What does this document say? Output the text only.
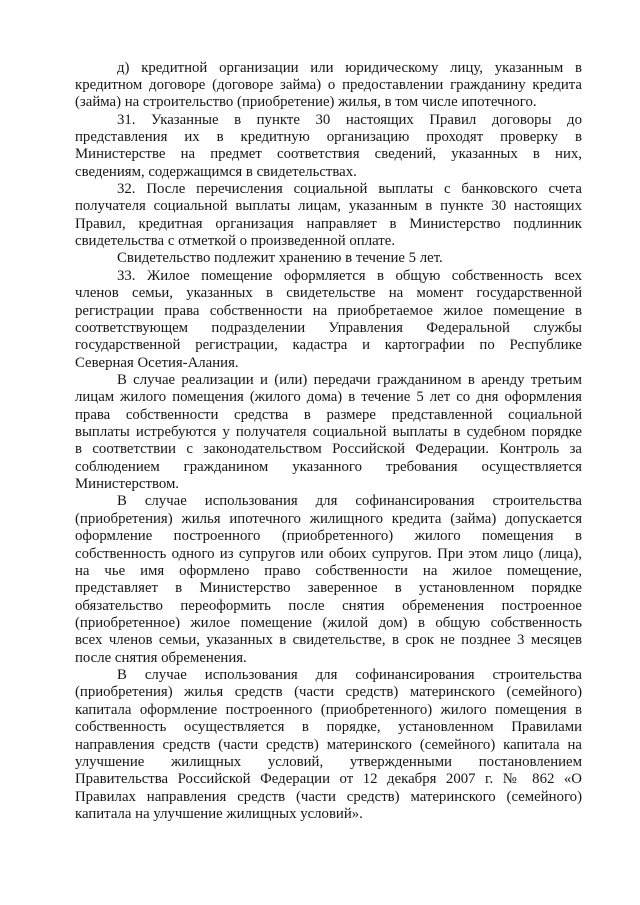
д) кредитной организации или юридическому лицу, указанным в
кредитном договоре (договоре займа) о предоставлении гражданину кредита
(займа) на строительство (приобретение) жилья, в том числе ипотечного.
31. Указанные в пункте 30 настоящих Правил договоры до
представления их в кредитную организацию проходят проверку в
Министерстве на предмет соответствия сведений, указанных в них,
сведениям, содержащимся в свидетельствах.
32. После перечисления социальной выплаты с банковского счета
получателя социальной выплаты лицам, указанным в пункте 30 настоящих
Правил, кредитная организация направляет в Министерство подлинник
свидетельства с отметкой о произведенной оплате.
Свидетельство подлежит хранению в течение 5 лет.
33. Жилое помещение оформляется в общую собственность всех
членов семьи, указанных в свидетельстве на момент государственной
регистрации права собственности на приобретаемое жилое помещение в
соответствующем подразделении Управления Федеральной службы
государственной регистрации, кадастра и картографии по Республике
Северная Осетия-Алания.
В случае реализации и (или) передачи гражданином в аренду третьим
лицам жилого помещения (жилого дома) в течение 5 лет со дня оформления
права собственности средства в размере представленной социальной
выплаты истребуются у получателя социальной выплаты в судебном порядке
в соответствии с законодательством Российской Федерации. Контроль за
соблюдением гражданином указанного требования осуществляется
Министерством.
В случае использования для софинансирования строительства
(приобретения) жилья ипотечного жилищного кредита (займа) допускается
оформление построенного (приобретенного) жилого помещения в
собственность одного из супругов или обоих супругов. При этом лицо (лица),
на чье имя оформлено право собственности на жилое помещение,
представляет в Министерство заверенное в установленном порядке
обязательство переоформить после снятия обременения построенное
(приобретенное) жилое помещение (жилой дом) в общую собственность
всех членов семьи, указанных в свидетельстве, в срок не позднее 3 месяцев
после снятия обременения.
В случае использования для софинансирования строительства
(приобретения) жилья средств (части средств) материнского (семейного)
капитала оформление построенного (приобретенного) жилого помещения в
собственность осуществляется в порядке, установленном Правилами
направления средств (части средств) материнского (семейного) капитала на
улучшение жилищных условий, утвержденными постановлением
Правительства Российской Федерации от 12 декабря 2007 г. № 862 «О
Правилах направления средств (части средств) материнского (семейного)
капитала на улучшение жилищных условий».
